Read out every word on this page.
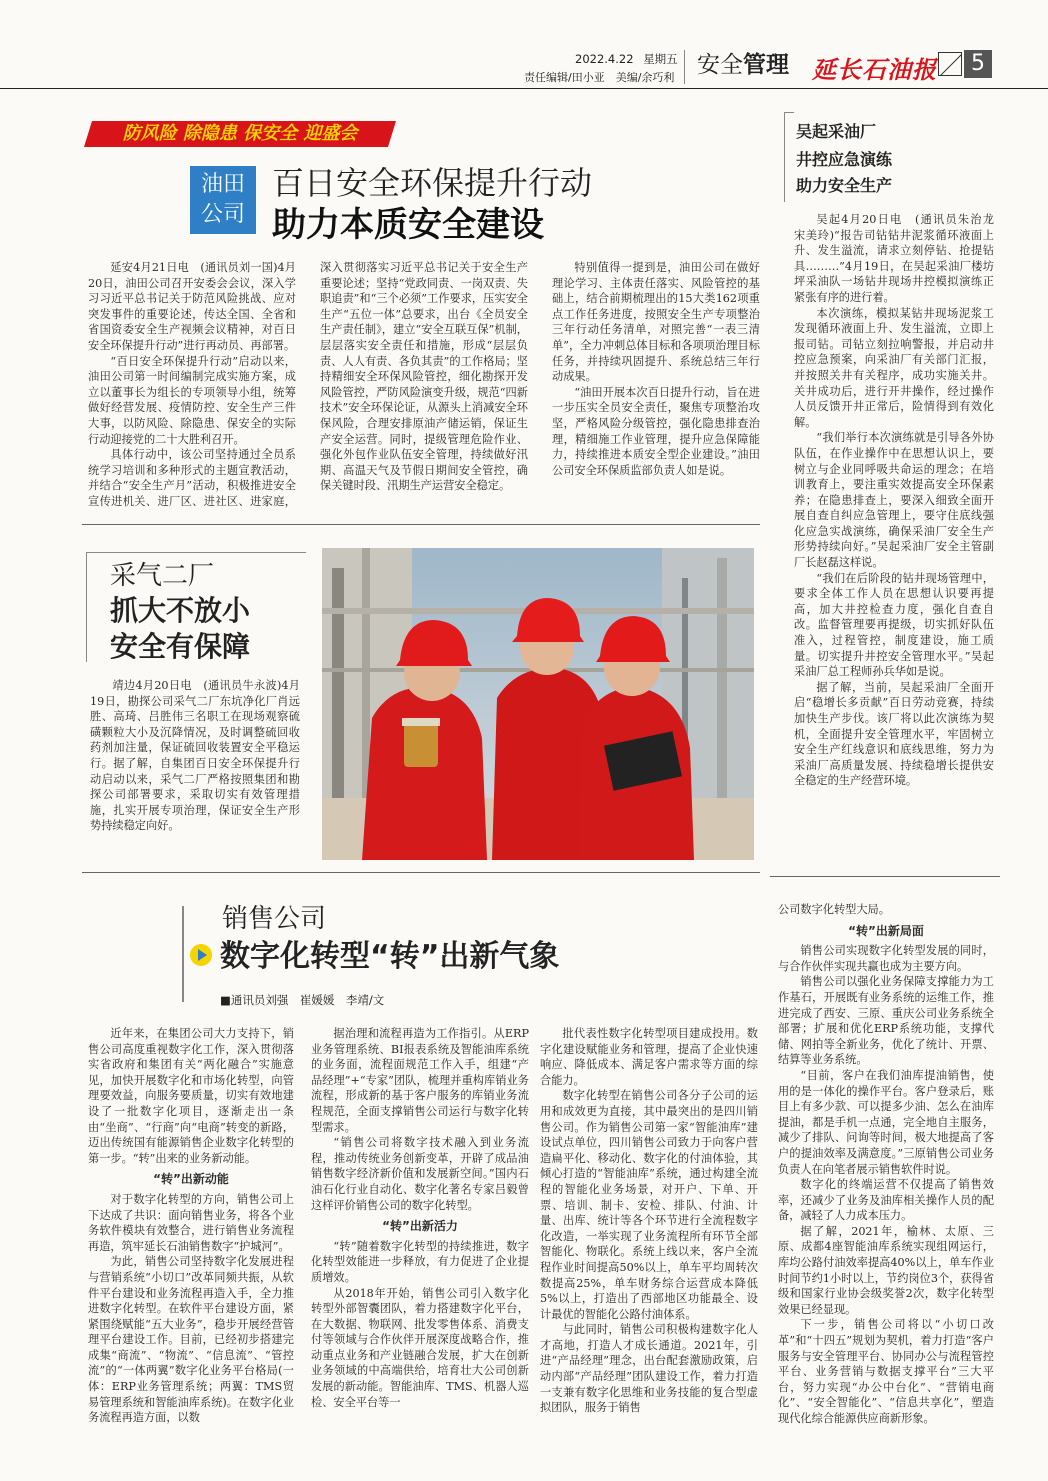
2022.4.22 星期五
责任编辑/田小亚　美编/余巧利 安全管理 延长石油报	5
防风险 除隐患 保安全 迎盛会
油田公司
百日安全环保提升行动
助力本质安全建设

延安4月21日电　(通讯员刘一国)4月20日，油田公司召开安委会会议，深入学习习近平总书记关于防范风险挑战、应对突发事件的重要论述，传达全国、全省和省国资委安全生产视频会议精神，对百日安全环保提升行动”进行再动员、再部署。

“百日安全环保提升行动”启动以来，油田公司第一时间编制完成实施方案，成立以董事长为组长的专项领导小组，统筹做好经营发展、疫情防控、安全生产三件大事，以防风险、除隐患、保安全的实际行动迎接党的二十大胜利召开。

具体行动中，该公司坚持通过全员系统学习培训和多种形式的主题宣教活动，并结合“安全生产月”活动，积极推进安全宣传进机关、进厂区、进社区、进家庭，深入贯彻落实习近平总书记关于安全生产重要论述；坚持“党政同责、一岗双责、失职追责”和“三个必须”工作要求，压实安全生产“五位一体”总要求，出台《全员安全生产责任制》，建立“安全互联互保”机制，层层落实安全责任和措施，形成“层层负责、人人有责、各负其责”的工作格局；坚持精细安全环保风险管控，细化勘探开发风险管控，严防风险演变升级，规范“四新技术”安全环保论证，从源头上消减安全环保风险，合理安排原油产储运销，保证生产安全运营。同时，提级管理危险作业、强化外包作业队伍安全管理，持续做好汛期、高温天气及节假日期间安全管控，确保关键时段、汛期生产运营安全稳定。

特别值得一提到是，油田公司在做好理论学习、主体责任落实、风险管控的基础上，结合前期梳理出的15大类162项重点工作任务进度，按照安全生产专项整治三年行动任务清单，对照完善“一表三清单”，全力冲刺总体目标和各项项治理目标任务，并持续巩固提升、系统总结三年行动成果。

“油田开展本次百日提升行动，旨在进一步压实全员安全责任，聚焦专项整治攻坚，严格风险分级管控，强化隐患排查治理，精细施工作业管理，提升应急保障能力，持续推进本质安全型企业建设。”油田公司安全环保质监部负责人如是说。

采气二厂
抓大不放小
安全有保障

靖边4月20日电　(通讯员牛永波)4月19日，勘探公司采气二厂东坑净化厂肖远胜、高琦、吕胜伟三名职工在现场观察硫磺颗粒大小及沉降情况，及时调整硫回收药剂加注量，保证硫回收装置安全平稳运行。据了解，自集团百日安全环保提升行动启动以来，采气二厂严格按照集团和勘探公司部署要求，采取切实有效管理措施，扎实开展专项治理，保证安全生产形势持续稳定向好。

吴起采油厂
井控应急演练
助力安全生产

吴起4月20日电　(通讯员朱治龙　宋美玲)“报告司钻钻井泥浆循环液面上升、发生溢流，请求立刻停钻、抢提钻具………”4月19日，在吴起采油厂楼坊坪采油队一场钻井现场井控模拟演练正紧张有序的进行着。

本次演练，模拟某钻井现场泥浆工发现循环液面上升、发生溢流，立即上报司钻。司钻立刻拉响警报，并启动井控应急预案，向采油厂有关部门汇报，并按照关井有关程序，成功实施关井。关井成功后，进行开井操作，经过操作人员反馈开井正常后，险情得到有效化解。

“我们举行本次演练就是引导各外协队伍，在作业操作中在思想认识上，要树立与企业同呼吸共命运的理念；在培训教育上，要注重实效提高安全环保素养；在隐患排查上，要深入细致全面开展自查自纠应急管理上，要守住底线强化应急实战演练，确保采油厂安全生产形势持续向好。”吴起采油厂安全主管副厂长赵磊这样说。

“我们在后阶段的钻井现场管理中，要求全体工作人员在思想认识要再提高，加大井控检查力度，强化自查自改。监督管理要再提级，切实抓好队伍准入，过程管控，制度建设，施工质量。切实提升井控安全管理水平。”吴起采油厂总工程师孙兵华如是说。

据了解，当前，吴起采油厂全面开启“稳增长多贡献”百日劳动竞赛，持续加快生产步伐。该厂将以此次演练为契机，全面提升安全管理水平，牢固树立安全生产红线意识和底线思维，努力为采油厂高质量发展、持续稳增长提供安全稳定的生产经营环境。

销售公司
数字化转型“转”出新气象
■通讯员刘强　崔媛媛　李靖/文

近年来，在集团公司大力支持下，销售公司高度重视数字化工作，深入贯彻落实省政府和集团有关“两化融合”实施意见，加快开展数字化和市场化转型，向管理要效益，向服务要质量，切实有效地建设了一批数字化项目，逐渐走出一条由“坐商”、“行商”向“电商”转变的新路，迈出传统国有能源销售企业数字化转型的第一步。“转”出来的业务新动能。

“转”出新动能

对于数字化转型的方向，销售公司上下达成了共识：面向销售业务，将各个业务软件模块有效整合，进行销售业务流程再造，筑牢延长石油销售数字“护城河”。

为此，销售公司坚持数字化发展进程与营销系统“小切口”改革同频共振，从软件平台建设和业务流程再造入手，全力推进数字化转型。在软件平台建设方面，紧紧围绕赋能“五大业务”，稳步开展经营管理平台建设工作。目前，已经初步搭建完成集“商流”、“物流”、“信息流”、“管控流”的“一体两翼”数字化业务平台格局(一体：ERP业务管理系统；两翼：TMS贸易管理系统和智能油库系统)。在数字化业务流程再造方面，以数

据治理和流程再造为工作指引。从ERP业务管理系统、BI报表系统及智能油库系统的业务面，流程面规范工作入手，组建“产品经理”+“专家”团队，梳理并重构库销业务流程，形成新的基于客户服务的库销业务流程规范，全面支撑销售公司运行与数字化转型需求。

“销售公司将数字技术融入到业务流程，推动传统业务创新变革，开辟了成品油销售数字经济新价值和发展新空间。”国内石油石化行业自动化、数字化著名专家吕毅曾这样评价销售公司的数字化转型。

“转”出新活力

“转”随着数字化转型的持续推进，数字化转型效能进一步释放，有力促进了企业提质增效。

从2018年开始，销售公司引入数字化转型外部智囊团队，着力搭建数字化平台，在大数据、物联网、批发零售体系、消费支付等领域与合作伙伴开展深度战略合作，推动重点业务和产业链融合发展，扩大在创新业务领域的中高端供给，培育壮大公司创新发展的新动能。智能油库、TMS、机器人巡检、安全平台等一

批代表性数字化转型项目建成投用。数字化建设赋能业务和管理，提高了企业快速响应、降低成本、满足客户需求等方面的综合能力。

数字化转型在销售公司各分子公司的运用和成效更为直接，其中最突出的是四川销售公司。作为销售公司第一家“智能油库”建设试点单位，四川销售公司致力于向客户营造扁平化、移动化、数字化的付油体验，其倾心打造的“智能油库”系统，通过构建全流程的智能化业务场景，对开户、下单、开票、培训、制卡、安检、排队、付油、计量、出库、统计等各个环节进行全流程数字化改造，一举实现了业务流程所有环节全部智能化、物联化。系统上线以来，客户全流程作业时间提高50%以上，单车平均周转次数提高25%，单车财务综合运营成本降低5%以上，打造出了西部地区功能最全、设计最优的智能化公路付油体系。

与此同时，销售公司积极构建数字化人才高地，打造人才成长通道。2021年，引进“产品经理”理念，出台配套激励政策，启动内部“产品经理”团队建设工作，着力打造一支兼有数字化思维和业务技能的复合型虚拟团队，服务于销售

公司数字化转型大局。

“转”出新局面

销售公司实现数字化转型发展的同时，与合作伙伴实现共赢也成为主要方向。

销售公司以强化业务保障支撑能力为工作基石，开展既有业务系统的运维工作，推进完成了西安、三原、重庆公司业务系统全部署；扩展和优化ERP系统功能，支撑代储、网拍等全新业务，优化了统计、开票、结算等业务系统。

“目前，客户在我们油库提油销售，使用的是一体化的操作平台。客户登录后，账目上有多少款、可以提多少油、怎么在油库提油，都是手机一点通，完全地自主服务，减少了排队、问询等时间，极大地提高了客户的提油效率及满意度。”三原销售公司业务负责人在向笔者展示销售软件时说。

数字化的终端运营不仅提高了销售效率，还减少了业务及油库相关操作人员的配备，减轻了人力成本压力。

据了解，2021年，榆林、太原、三原、成都4座智能油库系统实现组网运行，库均公路付油效率提高40%以上，单车作业时间节约1小时以上，节约岗位3个，获得省级和国家行业协会级奖誉2次，数字化转型效果已经显现。

下一步，销售公司将以“小切口改革”和“十四五”规划为契机，着力打造“客户服务与安全管理平台、协同办公与流程管控平台、业务营销与数据支撑平台”三大平台，努力实现“办公中台化”、“营销电商化”、“安全智能化”、“信息共享化”，塑造现代化综合能源供应商新形象。
